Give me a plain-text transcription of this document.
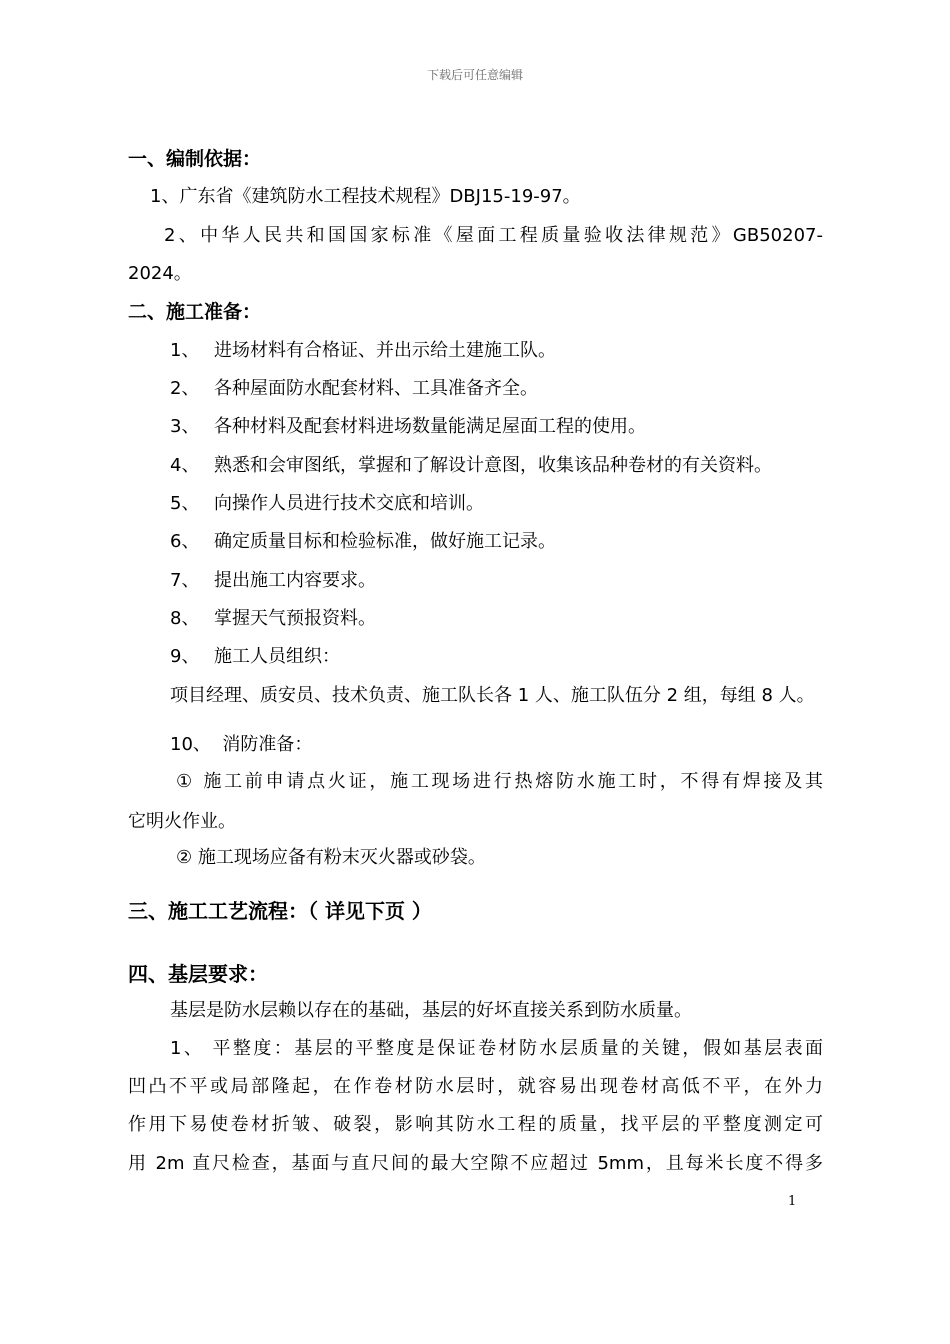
下载后可任意编辑
一、编制依据：
1、广东省《建筑防水工程技术规程》DBJ15-19-97。
2、中华人民共和国国家标准《屋面工程质量验收法律规范》GB50207-
2024。
二、施工准备：
1、 进场材料有合格证、并出示给土建施工队。
2、 各种屋面防水配套材料、工具准备齐全。
3、 各种材料及配套材料进场数量能满足屋面工程的使用。
4、 熟悉和会审图纸，掌握和了解设计意图，收集该品种卷材的有关资料。
5、 向操作人员进行技术交底和培训。
6、 确定质量目标和检验标准，做好施工记录。
7、 提出施工内容要求。
8、 掌握天气预报资料。
9、 施工人员组织：
项目经理、质安员、技术负责、施工队长各 1 人、施工队伍分 2 组，每组 8 人。
10、  消防准备：
① 施工前申请点火证，施工现场进行热熔防水施工时，不得有焊接及其
它明火作业。
② 施工现场应备有粉末灭火器或砂袋。
三、施工工艺流程：（ 详见下页 ）
四、基层要求：
基层是防水层赖以存在的基础，基层的好坏直接关系到防水质量。
1、 平整度：基层的平整度是保证卷材防水层质量的关键，假如基层表面
凹凸不平或局部隆起，在作卷材防水层时，就容易出现卷材高低不平，在外力
作用下易使卷材折皱、破裂，影响其防水工程的质量，找平层的平整度测定可
用 2m 直尺检查，基面与直尺间的最大空隙不应超过 5mm，且每米长度不得多
1
